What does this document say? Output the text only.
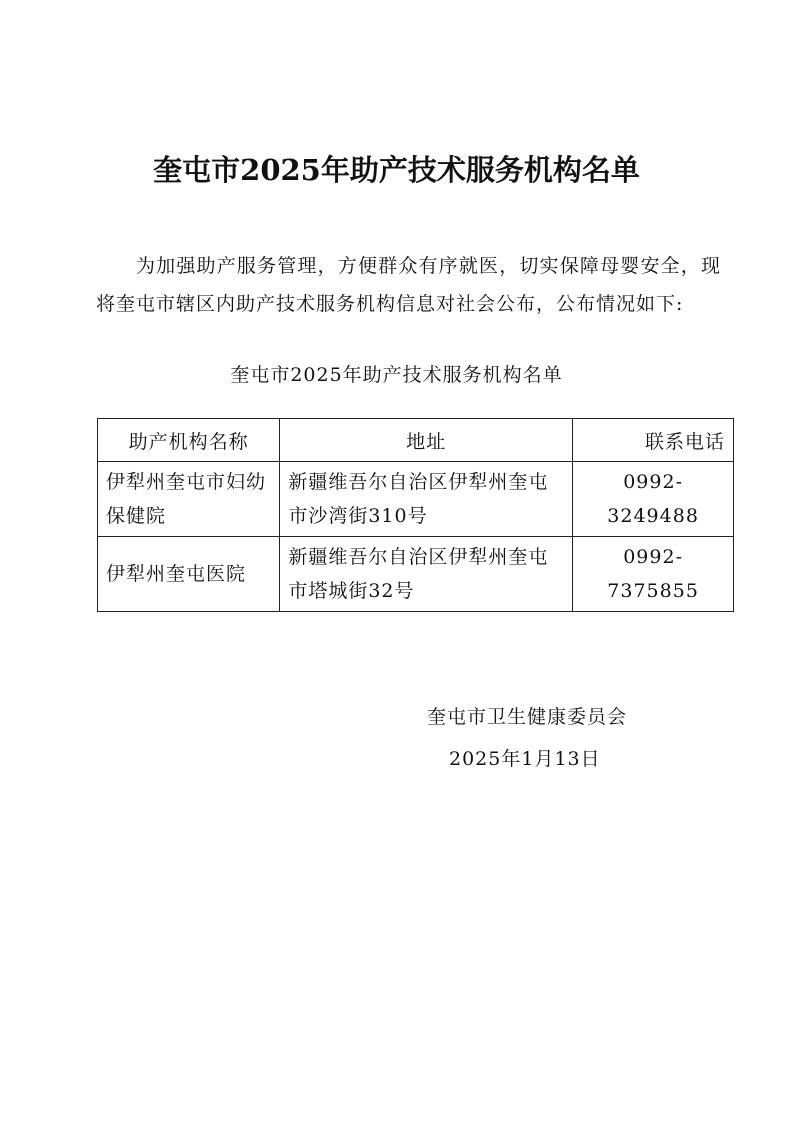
奎屯市2025年助产技术服务机构名单
为加强助产服务管理，方便群众有序就医，切实保障母婴安全，现将奎屯市辖区内助产技术服务机构信息对社会公布，公布情况如下:
奎屯市2025年助产技术服务机构名单
助产机构名称	地址	联系电话
伊犁州奎屯市妇幼保健院	新疆维吾尔自治区伊犁州奎屯市沙湾街310号	0992-3249488
伊犁州奎屯医院	新疆维吾尔自治区伊犁州奎屯市塔城街32号	0992-7375855
奎屯市卫生健康委员会
2025年1月13日
